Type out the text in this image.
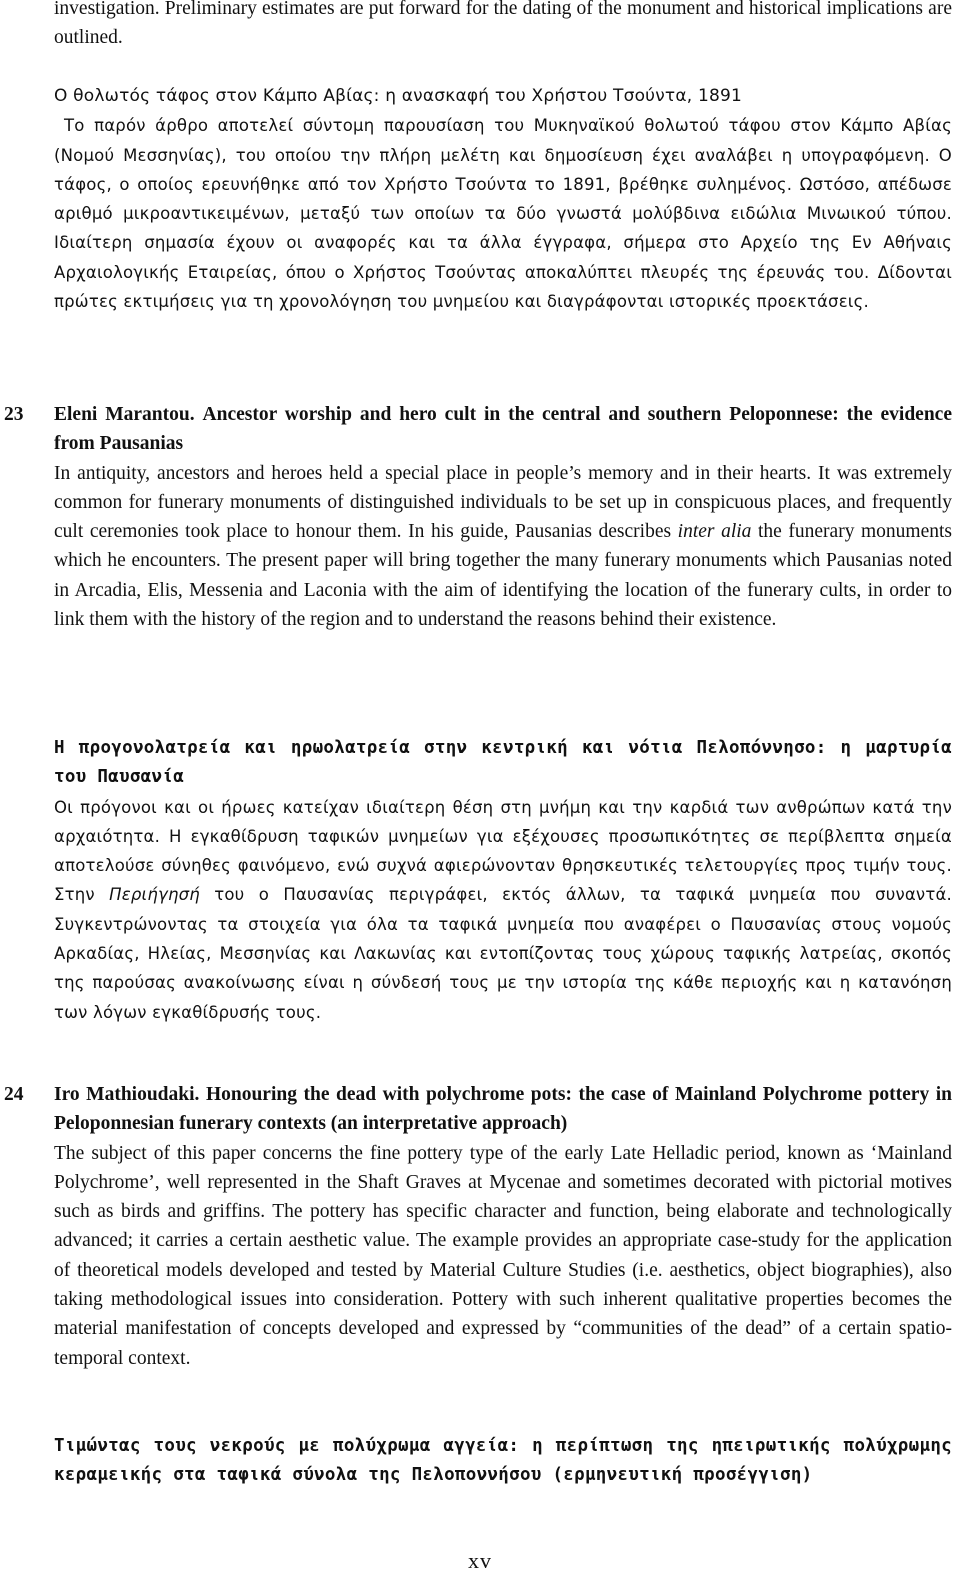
investigation. Preliminary estimates are put forward for the dating of the monument and historical implications are outlined.
Ο θολωτός τάφος στον Κάμπο Αβίας: η ανασκαφή του Χρήστου Τσούντα, 1891
Το παρόν άρθρο αποτελεί σύντομη παρουσίαση του Μυκηναϊκού θολωτού τάφου στον Κάμπο Αβίας (Νομού Μεσσηνίας), του οποίου την πλήρη μελέτη και δημοσίευση έχει αναλάβει η υπογραφόμενη. Ο τάφος, ο οποίος ερευνήθηκε από τον Χρήστο Τσούντα το 1891, βρέθηκε συλημένος. Ωστόσο, απέδωσε αριθμό μικροαντικειμένων, μεταξύ των οποίων τα δύο γνωστά μολύβδινα ειδώλια Μινωικού τύπου. Ιδιαίτερη σημασία έχουν οι αναφορές και τα άλλα έγγραφα, σήμερα στο Αρχείο της Εν Αθήναις Αρχαιολογικής Εταιρείας, όπου ο Χρήστος Τσούντας αποκαλύπτει πλευρές της έρευνάς του. Δίδονται πρώτες εκτιμήσεις για τη χρονολόγηση του μνημείου και διαγράφονται ιστορικές προεκτάσεις.
23 Eleni Marantou. Ancestor worship and hero cult in the central and southern Peloponnese: the evidence from Pausanias
In antiquity, ancestors and heroes held a special place in people’s memory and in their hearts. It was extremely common for funerary monuments of distinguished individuals to be set up in conspicuous places, and frequently cult ceremonies took place to honour them. In his guide, Pausanias describes inter alia the funerary monuments which he encounters. The present paper will bring together the many funerary monuments which Pausanias noted in Arcadia, Elis, Messenia and Laconia with the aim of identifying the location of the funerary cults, in order to link them with the history of the region and to understand the reasons behind their existence.
Η προγονολατρεία και ηρωολατρεία στην κεντρική και νότια Πελοπόννησο: η μαρτυρία του Παυσανία
Οι πρόγονοι και οι ήρωες κατείχαν ιδιαίτερη θέση στη μνήμη και την καρδιά των ανθρώπων κατά την αρχαιότητα. Η εγκαθίδρυση ταφικών μνημείων για εξέχουσες προσωπικότητες σε περίβλεπτα σημεία αποτελούσε σύνηθες φαινόμενο, ενώ συχνά αφιερώνονταν θρησκευτικές τελετουργίες προς τιμήν τους. Στην Περιήγησή του ο Παυσανίας περιγράφει, εκτός άλλων, τα ταφικά μνημεία που συναντά. Συγκεντρώνοντας τα στοιχεία για όλα τα ταφικά μνημεία που αναφέρει ο Παυσανίας στους νομούς Αρκαδίας, Ηλείας, Μεσσηνίας και Λακωνίας και εντοπίζοντας τους χώρους ταφικής λατρείας, σκοπός της παρούσας ανακοίνωσης είναι η σύνδεσή τους με την ιστορία της κάθε περιοχής και η κατανόηση των λόγων εγκαθίδρυσής τους.
24 Iro Mathioudaki. Honouring the dead with polychrome pots: the case of Mainland Polychrome pottery in Peloponnesian funerary contexts (an interpretative approach)
The subject of this paper concerns the fine pottery type of the early Late Helladic period, known as ‘Mainland Polychrome’, well represented in the Shaft Graves at Mycenae and sometimes decorated with pictorial motives such as birds and griffins. The pottery has specific character and function, being elaborate and technologically advanced; it carries a certain aesthetic value. The example provides an appropriate case-study for the application of theoretical models developed and tested by Material Culture Studies (i.e. aesthetics, object biographies), also taking methodological issues into consideration. Pottery with such inherent qualitative properties becomes the material manifestation of concepts developed and expressed by “communities of the dead” of a certain spatio-temporal context.
Τιμώντας τους νεκρούς με πολύχρωμα αγγεία: η περίπτωση της ηπειρωτικής πολύχρωμης κεραμεικής στα ταφικά σύνολα της Πελοποννήσου (ερμηνευτική προσέγγιση)
xv
